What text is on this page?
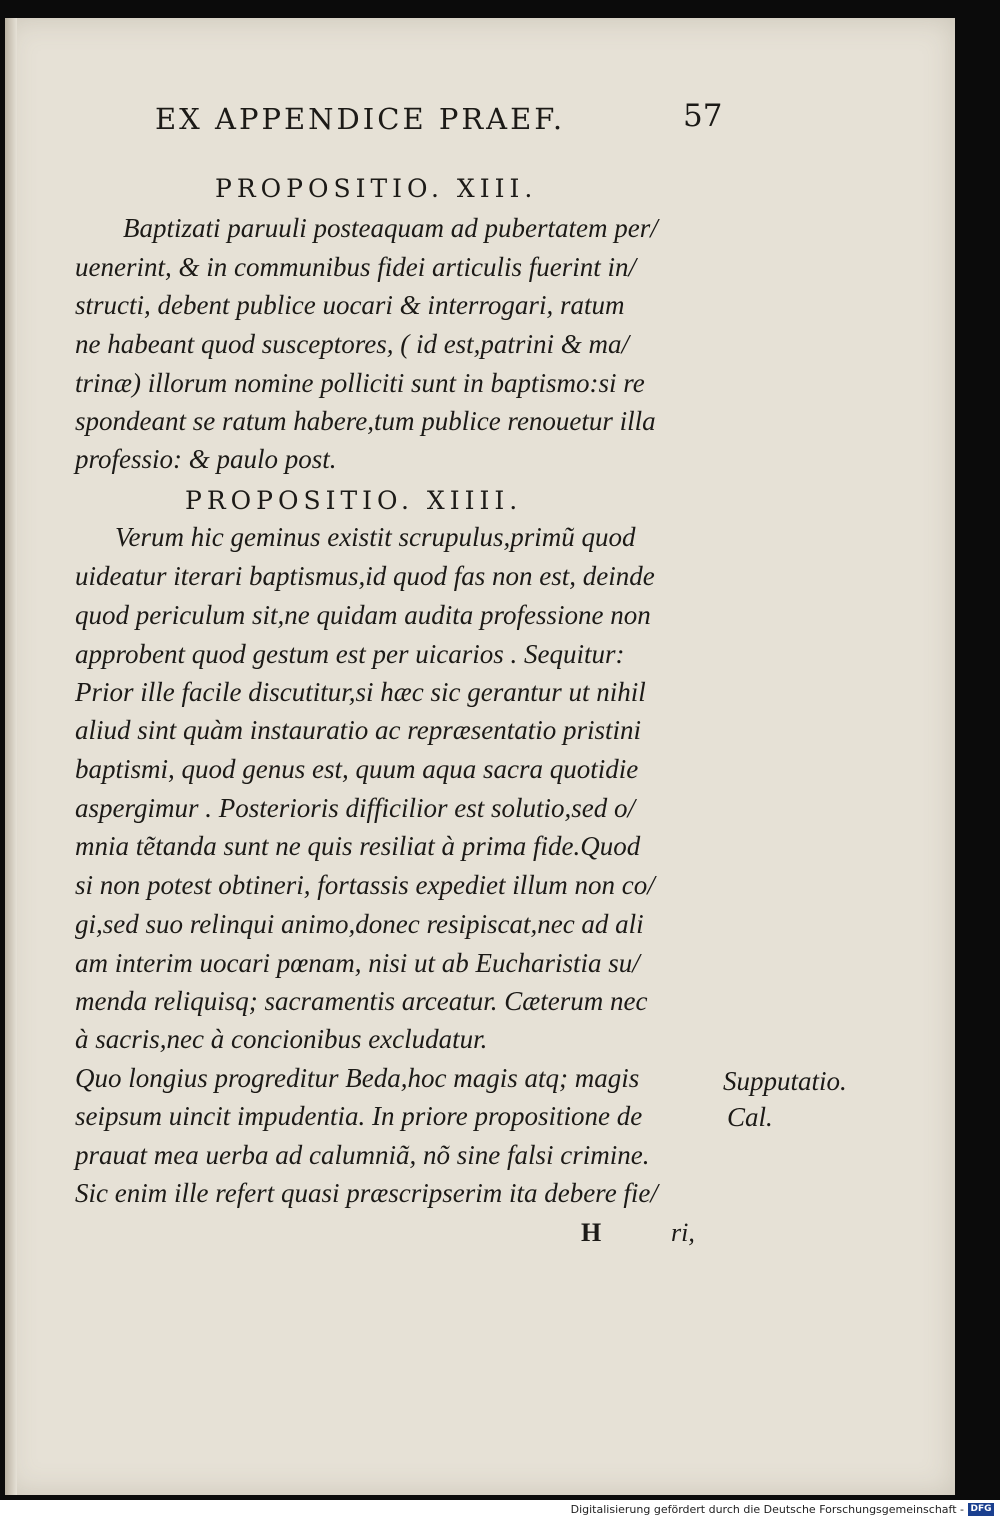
EX APPENDICE PRAEF.	57
PROPOSITIO. XIII.
Baptizati paruuli posteaquam ad pubertatem per/
uenerint, & in communibus fidei articulis fuerint in/
structi, debent publice uocari & interrogari, ratum
ne habeant quod susceptores, ( id est,patrini & ma/
trinæ) illorum nomine polliciti sunt in baptismo:si re
spondeant se ratum habere,tum publice renouetur illa
professio: & paulo post.
PROPOSITIO. XIIII.
Verum hic geminus existit scrupulus,primũ quod
uideatur iterari baptismus,id quod fas non est, deinde
quod periculum sit,ne quidam audita professione non
approbent quod gestum est per uicarios . Sequitur:
Prior ille facile discutitur,si hæc sic gerantur ut nihil
aliud sint quàm instauratio ac repræsentatio pristini
baptismi, quod genus est, quum aqua sacra quotidie
aspergimur . Posterioris difficilior est solutio,sed o/
mnia tẽtanda sunt ne quis resiliat à prima fide.Quod
si non potest obtineri, fortassis expediet illum non co/
gi,sed suo relinqui animo,donec resipiscat,nec ad ali
am interim uocari pœnam, nisi ut ab Eucharistia su/
menda reliquisq; sacramentis arceatur. Cæterum nec
à sacris,nec à concionibus excludatur.
Quo longius progreditur Beda,hoc magis atq; magis
seipsum uincit impudentia. In priore propositione de
prauat mea uerba ad calumniã, nõ sine falsi crimine.
Sic enim ille refert quasi præscripserim ita debere fie/
Supputatio.
Cal.
H	ri,
Digitalisierung gefördert durch die Deutsche Forschungsgemeinschaft - DFG
